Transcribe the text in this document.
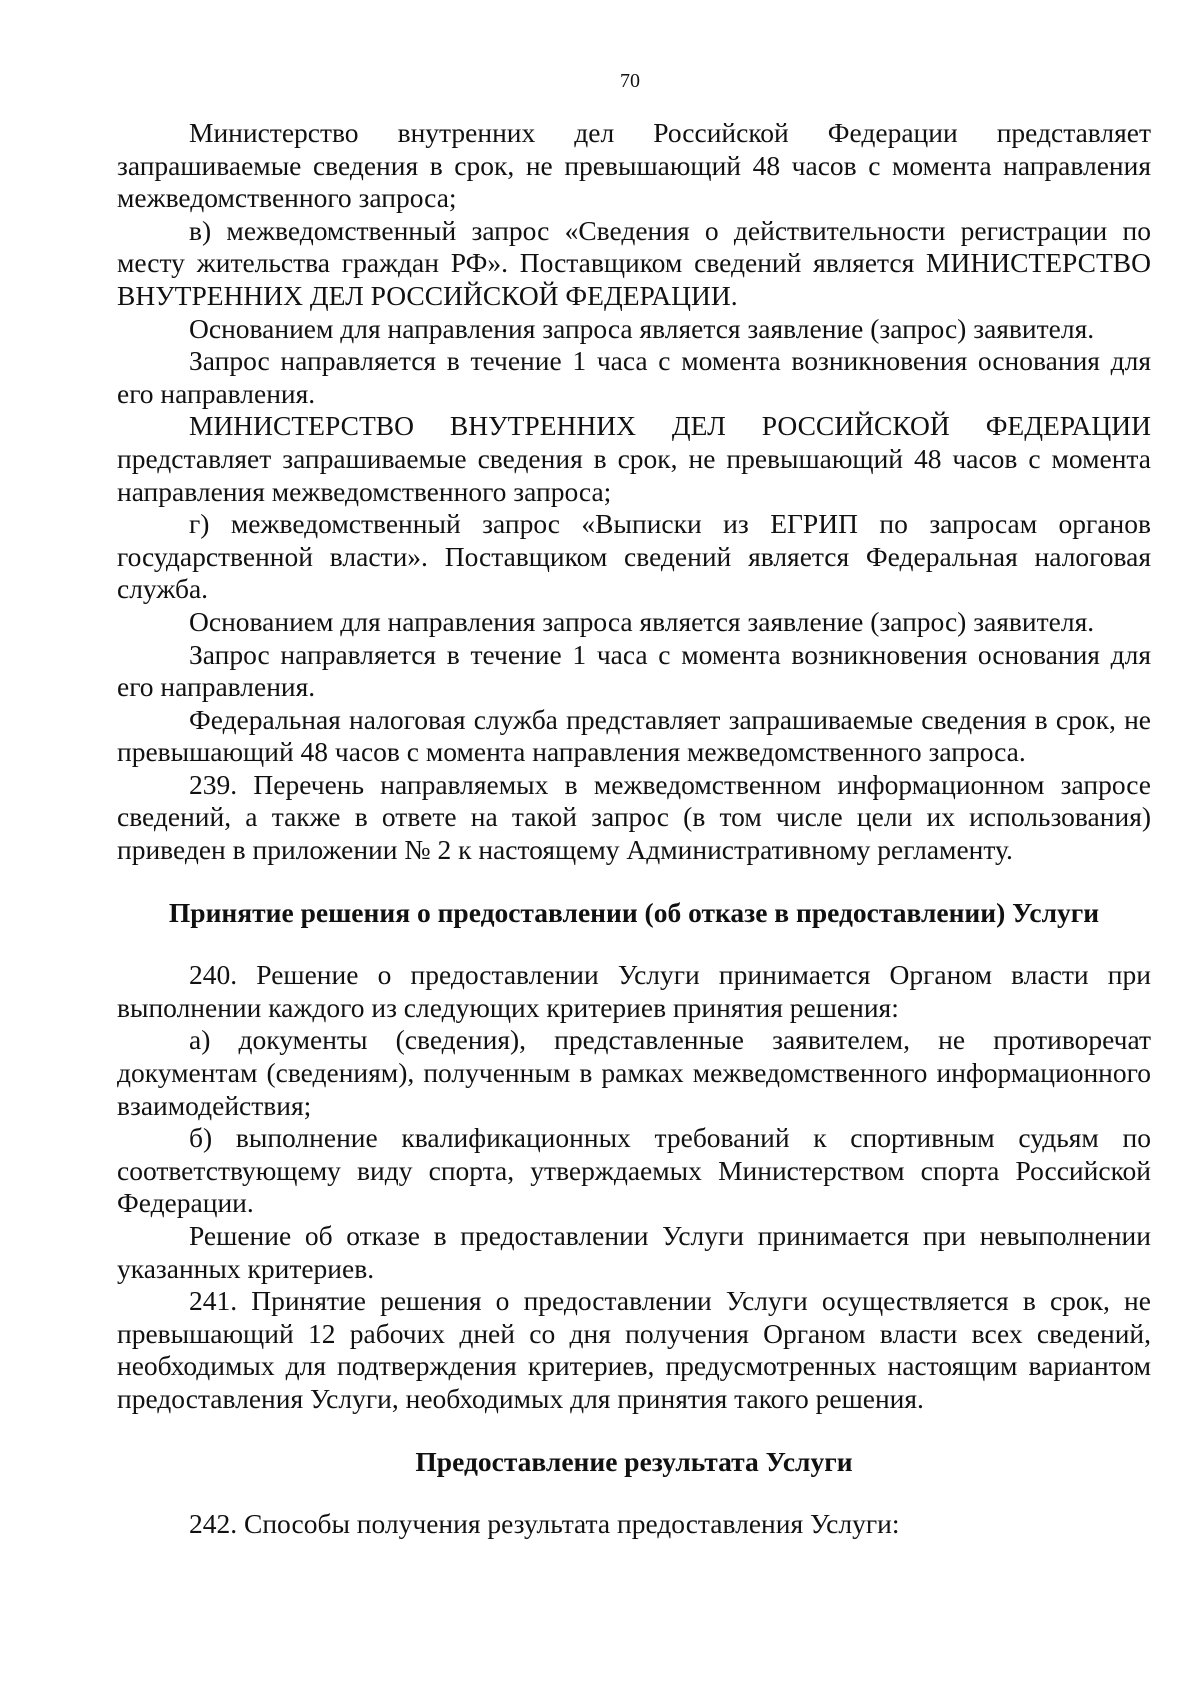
70

Министерство внутренних дел Российской Федерации представляет запрашиваемые сведения в срок, не превышающий 48 часов с момента направления межведомственного запроса;

в) межведомственный запрос «Сведения о действительности регистрации по месту жительства граждан РФ». Поставщиком сведений является МИНИСТЕРСТВО ВНУТРЕННИХ ДЕЛ РОССИЙСКОЙ ФЕДЕРАЦИИ.

Основанием для направления запроса является заявление (запрос) заявителя.

Запрос направляется в течение 1 часа с момента возникновения основания для его направления.

МИНИСТЕРСТВО ВНУТРЕННИХ ДЕЛ РОССИЙСКОЙ ФЕДЕРАЦИИ представляет запрашиваемые сведения в срок, не превышающий 48 часов с момента направления межведомственного запроса;

г) межведомственный запрос «Выписки из ЕГРИП по запросам органов государственной власти». Поставщиком сведений является Федеральная налоговая служба.

Основанием для направления запроса является заявление (запрос) заявителя.

Запрос направляется в течение 1 часа с момента возникновения основания для его направления.

Федеральная налоговая служба представляет запрашиваемые сведения в срок, не превышающий 48 часов с момента направления межведомственного запроса.

239. Перечень направляемых в межведомственном информационном запросе сведений, а также в ответе на такой запрос (в том числе цели их использования) приведен в приложении № 2 к настоящему Административному регламенту.

Принятие решения о предоставлении (об отказе в предоставлении) Услуги

240. Решение о предоставлении Услуги принимается Органом власти при выполнении каждого из следующих критериев принятия решения:

а) документы (сведения), представленные заявителем, не противоречат документам (сведениям), полученным в рамках межведомственного информационного взаимодействия;

б) выполнение квалификационных требований к спортивным судьям по соответствующему виду спорта, утверждаемых Министерством спорта Российской Федерации.

Решение об отказе в предоставлении Услуги принимается при невыполнении указанных критериев.

241. Принятие решения о предоставлении Услуги осуществляется в срок, не превышающий 12 рабочих дней со дня получения Органом власти всех сведений, необходимых для подтверждения критериев, предусмотренных настоящим вариантом предоставления Услуги, необходимых для принятия такого решения.

Предоставление результата Услуги

242. Способы получения результата предоставления Услуги:
